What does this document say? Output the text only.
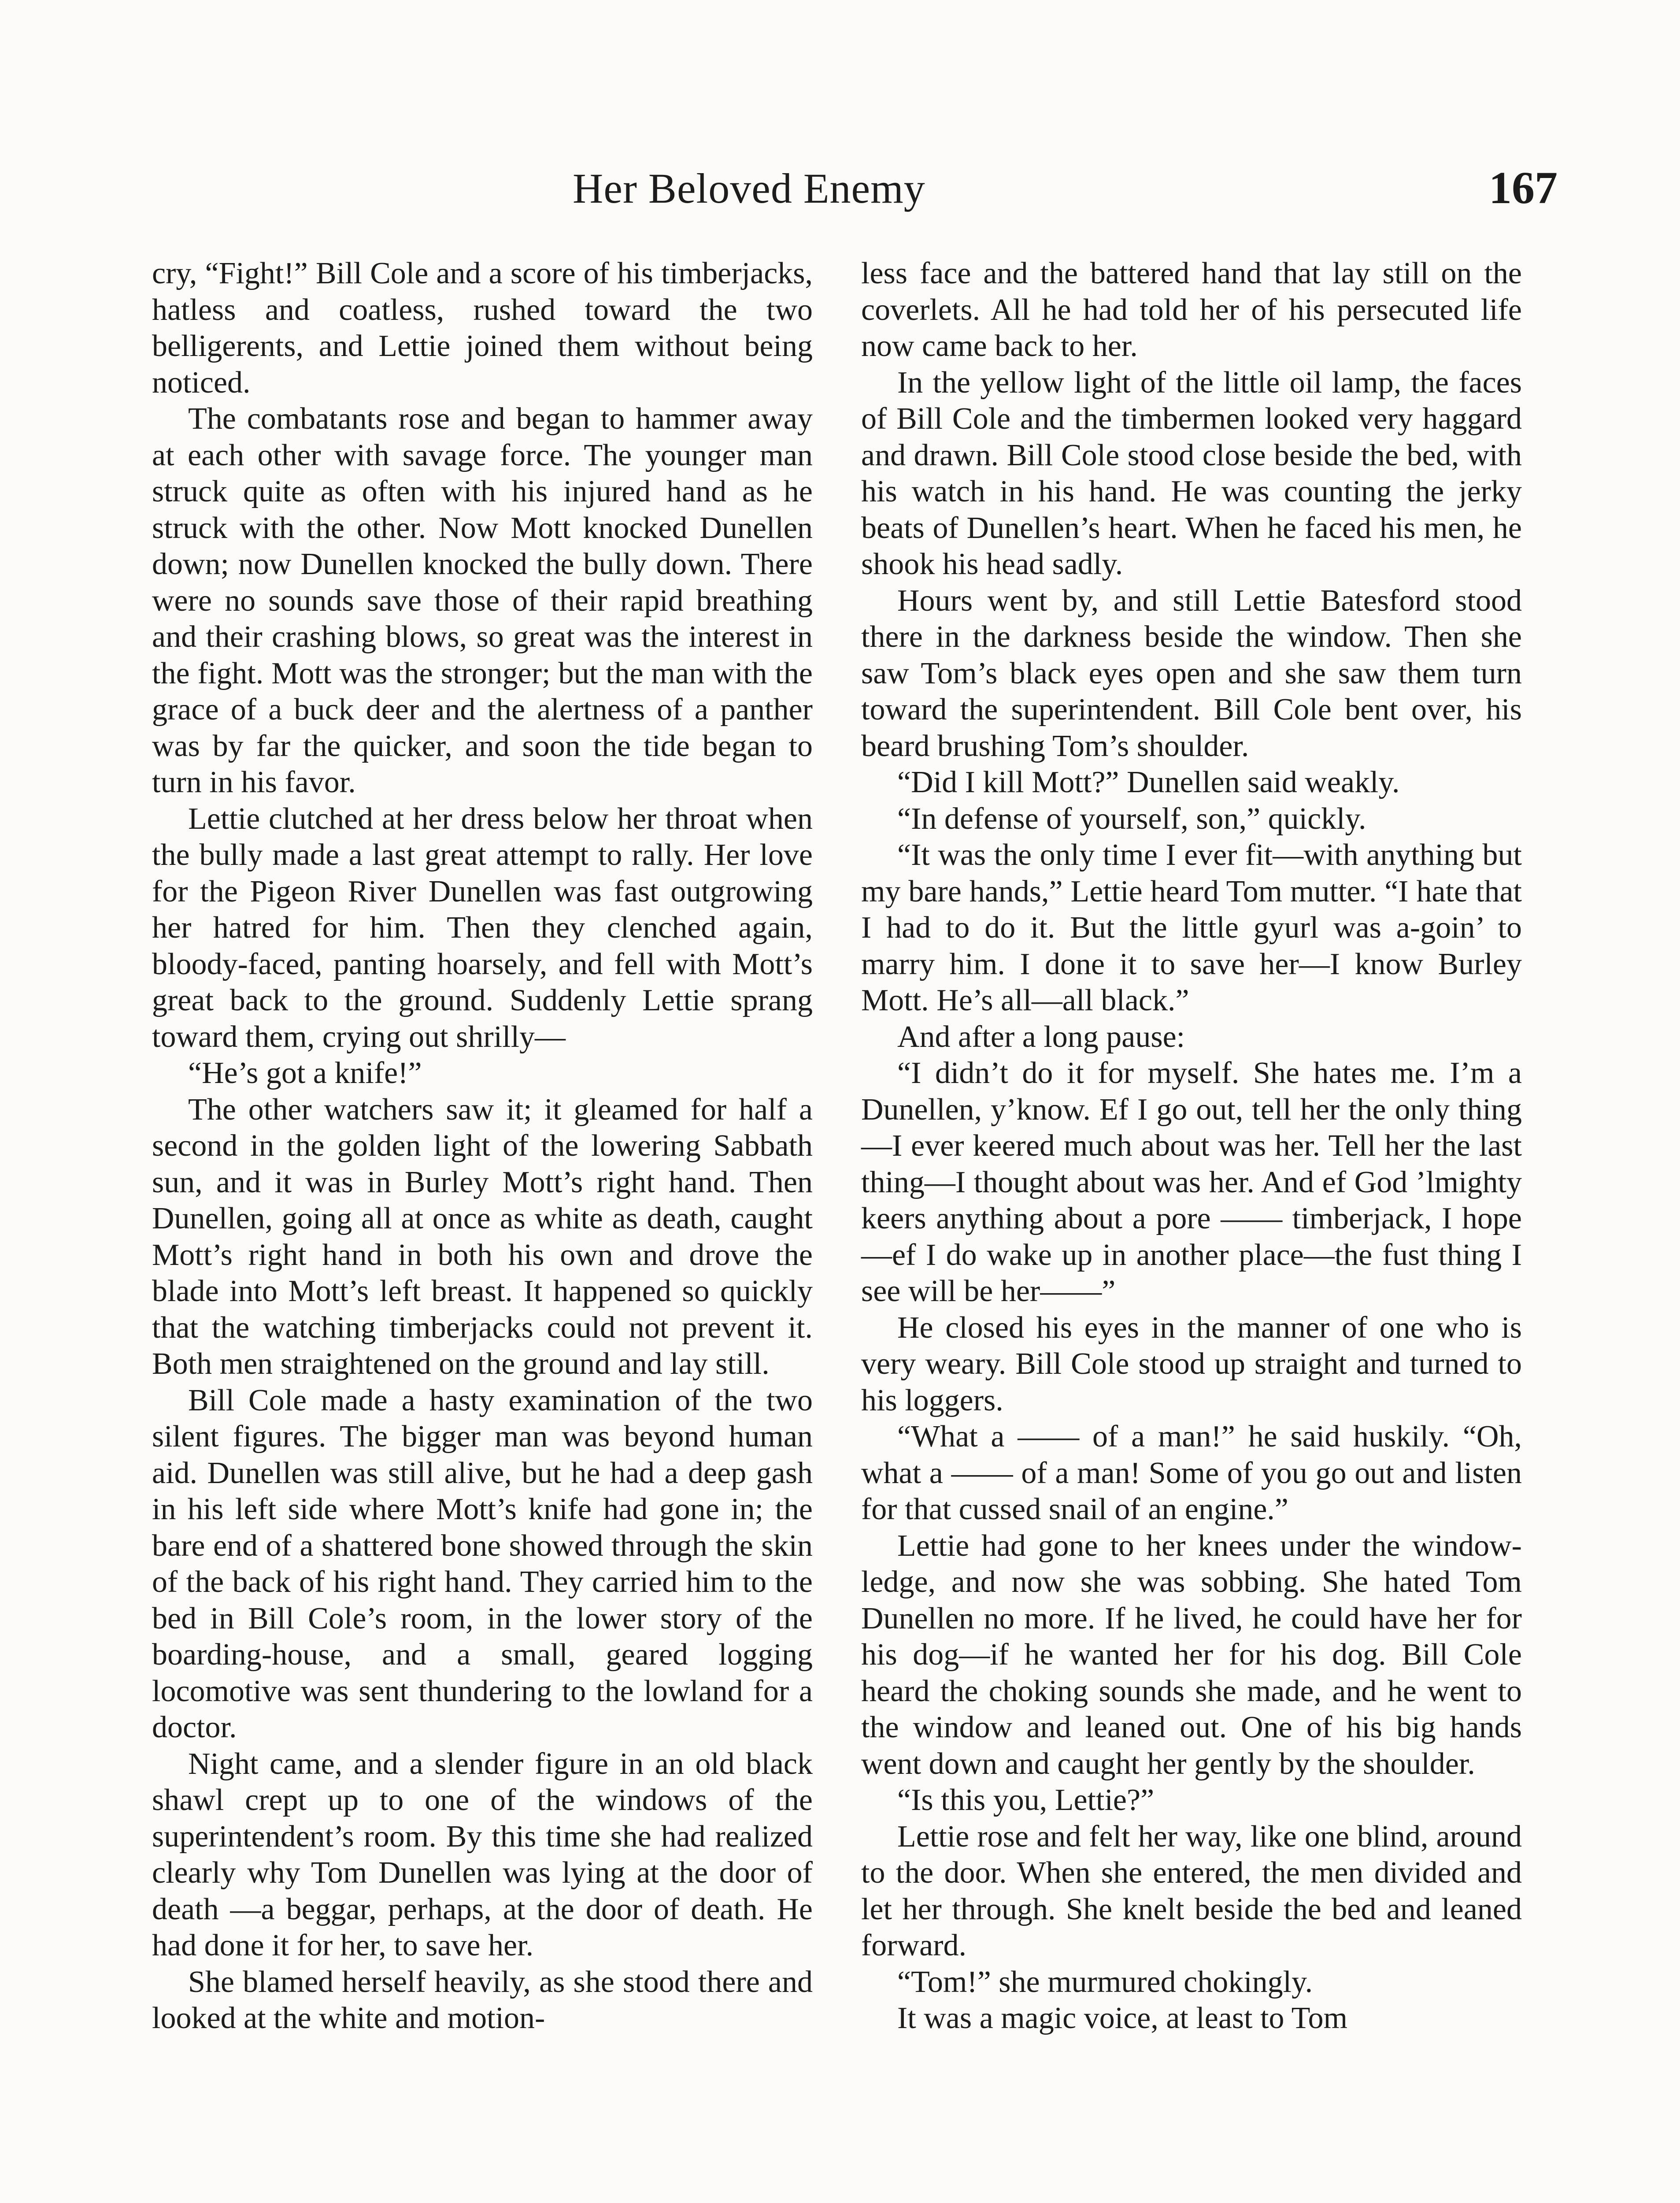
Her Beloved Enemy	167

cry, “Fight!” Bill Cole and a score of his timberjacks, hatless and coatless, rushed toward the two belligerents, and Lettie joined them without being noticed.

The combatants rose and began to hammer away at each other with savage force. The younger man struck quite as often with his injured hand as he struck with the other. Now Mott knocked Dunellen down; now Dunellen knocked the bully down. There were no sounds save those of their rapid breathing and their crashing blows, so great was the interest in the fight. Mott was the stronger; but the man with the grace of a buck deer and the alertness of a panther was by far the quicker, and soon the tide began to turn in his favor.

Lettie clutched at her dress below her throat when the bully made a last great attempt to rally. Her love for the Pigeon River Dunellen was fast outgrowing her hatred for him. Then they clenched again, bloody-faced, panting hoarsely, and fell with Mott’s great back to the ground. Suddenly Lettie sprang toward them, crying out shrilly—

“He’s got a knife!”

The other watchers saw it; it gleamed for half a second in the golden light of the lowering Sabbath sun, and it was in Burley Mott’s right hand. Then Dunellen, going all at once as white as death, caught Mott’s right hand in both his own and drove the blade into Mott’s left breast. It happened so quickly that the watching timberjacks could not prevent it. Both men straightened on the ground and lay still.

Bill Cole made a hasty examination of the two silent figures. The bigger man was beyond human aid. Dunellen was still alive, but he had a deep gash in his left side where Mott’s knife had gone in; the bare end of a shattered bone showed through the skin of the back of his right hand. They carried him to the bed in Bill Cole’s room, in the lower story of the boarding-house, and a small, geared logging locomotive was sent thundering to the lowland for a doctor.

Night came, and a slender figure in an old black shawl crept up to one of the windows of the superintendent’s room. By this time she had realized clearly why Tom Dunellen was lying at the door of death —a beggar, perhaps, at the door of death. He had done it for her, to save her.

She blamed herself heavily, as she stood there and looked at the white and motion-

less face and the battered hand that lay still on the coverlets. All he had told her of his persecuted life now came back to her.

In the yellow light of the little oil lamp, the faces of Bill Cole and the timbermen looked very haggard and drawn. Bill Cole stood close beside the bed, with his watch in his hand. He was counting the jerky beats of Dunellen’s heart. When he faced his men, he shook his head sadly.

Hours went by, and still Lettie Batesford stood there in the darkness beside the window. Then she saw Tom’s black eyes open and she saw them turn toward the superintendent. Bill Cole bent over, his beard brushing Tom’s shoulder.

“Did I kill Mott?” Dunellen said weakly.

“In defense of yourself, son,” quickly.

“It was the only time I ever fit—with anything but my bare hands,” Lettie heard Tom mutter. “I hate that I had to do it. But the little gyurl was a-goin’ to marry him. I done it to save her—I know Burley Mott. He’s all—all black.”

And after a long pause:

“I didn’t do it for myself. She hates me. I’m a Dunellen, y’know. Ef I go out, tell her the only thing—I ever keered much about was her. Tell her the last thing—I thought about was her. And ef God ’lmighty keers anything about a pore —— timberjack, I hope—ef I do wake up in another place—the fust thing I see will be her——”

He closed his eyes in the manner of one who is very weary. Bill Cole stood up straight and turned to his loggers.

“What a —— of a man!” he said huskily. “Oh, what a —— of a man! Some of you go out and listen for that cussed snail of an engine.”

Lettie had gone to her knees under the window-ledge, and now she was sobbing. She hated Tom Dunellen no more. If he lived, he could have her for his dog—if he wanted her for his dog. Bill Cole heard the choking sounds she made, and he went to the window and leaned out. One of his big hands went down and caught her gently by the shoulder.

“Is this you, Lettie?”

Lettie rose and felt her way, like one blind, around to the door. When she entered, the men divided and let her through. She knelt beside the bed and leaned forward.

“Tom!” she murmured chokingly.

It was a magic voice, at least to Tom
